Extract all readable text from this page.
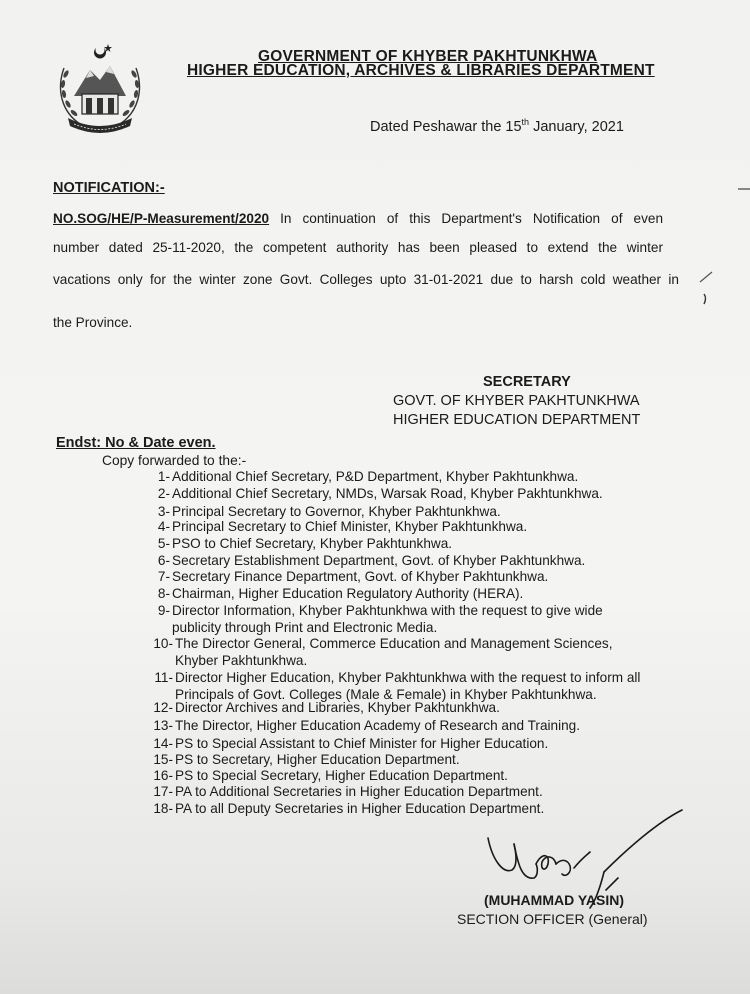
GOVERNMENT OF KHYBER PAKHTUNKHWA
HIGHER EDUCATION, ARCHIVES & LIBRARIES DEPARTMENT
Dated Peshawar the 15th January, 2021
NOTIFICATION:-
NO.SOG/HE/P-Measurement/2020 In continuation of this Department's Notification of even
number dated 25-11-2020, the competent authority has been pleased to extend the winter
vacations only for the winter zone Govt. Colleges upto 31-01-2021 due to harsh cold weather in
the Province.
SECRETARY
GOVT. OF KHYBER PAKHTUNKHWA
HIGHER EDUCATION DEPARTMENT
Endst: No & Date even.
Copy forwarded to the:-
1- Additional Chief Secretary, P&D Department, Khyber Pakhtunkhwa.
2- Additional Chief Secretary, NMDs, Warsak Road, Khyber Pakhtunkhwa.
3- Principal Secretary to Governor, Khyber Pakhtunkhwa.
4- Principal Secretary to Chief Minister, Khyber Pakhtunkhwa.
5- PSO to Chief Secretary, Khyber Pakhtunkhwa.
6- Secretary Establishment Department, Govt. of Khyber Pakhtunkhwa.
7- Secretary Finance Department, Govt. of Khyber Pakhtunkhwa.
8- Chairman, Higher Education Regulatory Authority (HERA).
9- Director Information, Khyber Pakhtunkhwa with the request to give wide
publicity through Print and Electronic Media.
10- The Director General, Commerce Education and Management Sciences,
Khyber Pakhtunkhwa.
11- Director Higher Education, Khyber Pakhtunkhwa with the request to inform all
Principals of Govt. Colleges (Male & Female) in Khyber Pakhtunkhwa.
12- Director Archives and Libraries, Khyber Pakhtunkhwa.
13- The Director, Higher Education Academy of Research and Training.
14- PS to Special Assistant to Chief Minister for Higher Education.
15- PS to Secretary, Higher Education Department.
16- PS to Special Secretary, Higher Education Department.
17- PA to Additional Secretaries in Higher Education Department.
18- PA to all Deputy Secretaries in Higher Education Department.
(MUHAMMAD YASIN)
SECTION OFFICER (General)
